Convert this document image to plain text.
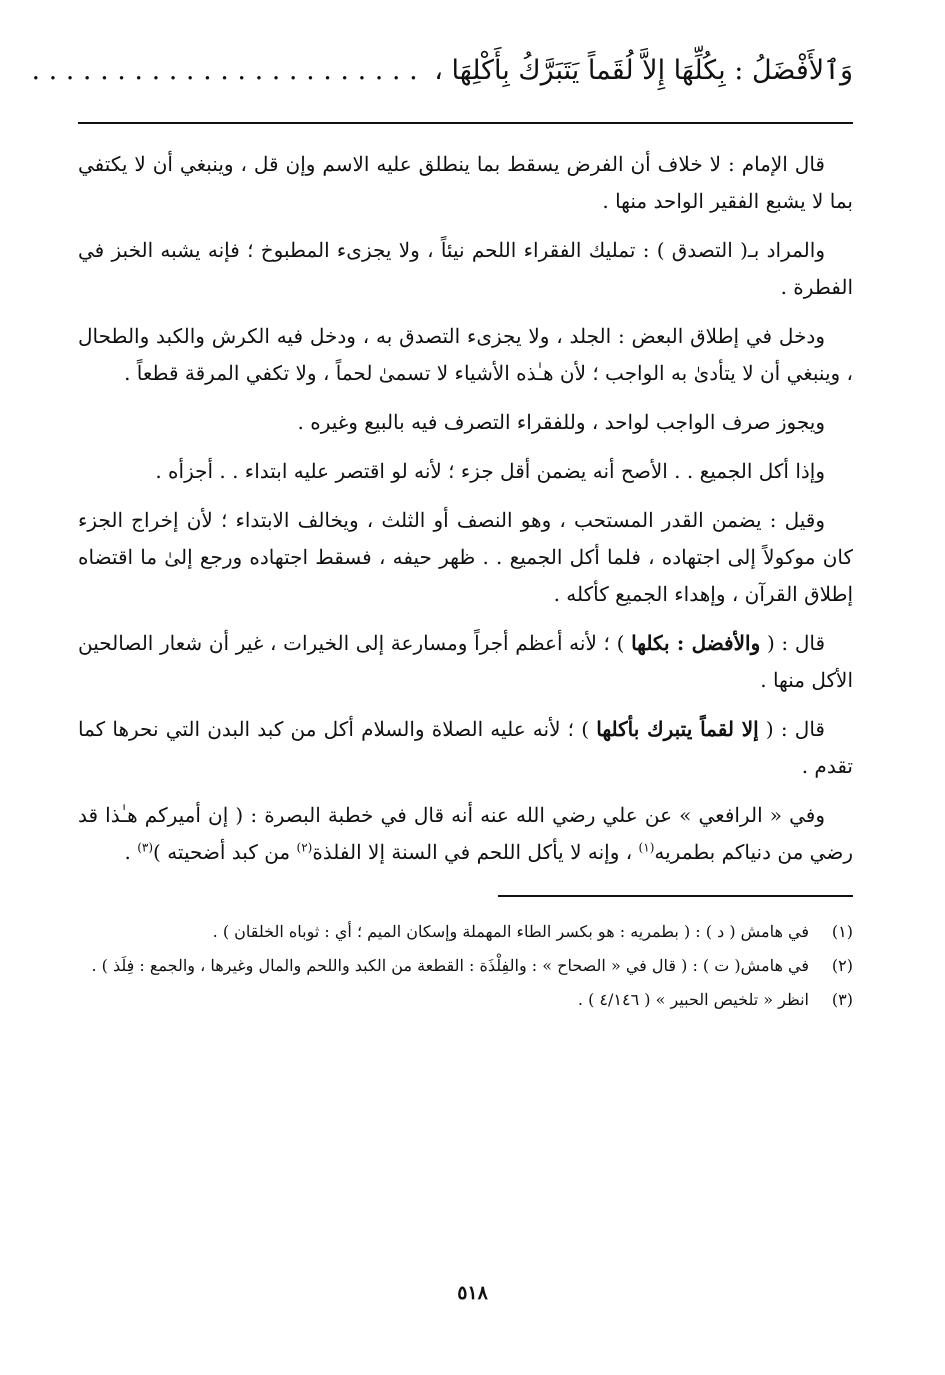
وَٱلأَفْضَلُ : بِكُلِّهَا إِلاَّ لُقَماً يَتَبَرَّكُ بِأَكْلِهَا ، . . . . . . . . . . . . . . . . . . . . . . .

قال الإمام : لا خلاف أن الفرض يسقط بما ينطلق عليه الاسم وإن قل ، وينبغي أن لا يكتفي بما لا يشبع الفقير الواحد منها .

والمراد بـ( التصدق ) : تمليك الفقراء اللحم نيئاً ، ولا يجزىء المطبوخ ؛ فإنه يشبه الخبز في الفطرة .

ودخل في إطلاق البعض : الجلد ، ولا يجزىء التصدق به ، ودخل فيه الكرش والكبد والطحال ، وينبغي أن لا يتأدىٰ به الواجب ؛ لأن هـٰذه الأشياء لا تسمىٰ لحماً ، ولا تكفي المرقة قطعاً .

ويجوز صرف الواجب لواحد ، وللفقراء التصرف فيه بالبيع وغيره .

وإذا أكل الجميع . . الأصح أنه يضمن أقل جزء ؛ لأنه لو اقتصر عليه ابتداء . . أجزأه .

وقيل : يضمن القدر المستحب ، وهو النصف أو الثلث ، ويخالف الابتداء ؛ لأن إخراج الجزء كان موكولاً إلى اجتهاده ، فلما أكل الجميع . . ظهر حيفه ، فسقط اجتهاده ورجع إلىٰ ما اقتضاه إطلاق القرآن ، وإهداء الجميع كأكله .

قال : ( والأفضل : بكلها ) ؛ لأنه أعظم أجراً ومسارعة إلى الخيرات ، غير أن شعار الصالحين الأكل منها .

قال : ( إلا لقماً يتبرك بأكلها ) ؛ لأنه عليه الصلاة والسلام أكل من كبد البدن التي نحرها كما تقدم .

وفي « الرافعي » عن علي رضي الله عنه أنه قال في خطبة البصرة : ( إن أميركم هـٰذا قد رضي من دنياكم بطمريه$^{(١)}$ ، وإنه لا يأكل اللحم في السنة إلا الفلذة$^{(٢)}$ من كبد أضحيته )$^{(٣)}$ .

(١)
في هامش ( د ) : ( بطمريه : هو بكسر الطاء المهملة وإسكان الميم ؛ أي : ثوباه الخلقان ) .
(٢)
في هامش( ت ) : ( قال في « الصحاح » : والفِلْذَة : القطعة من الكبد واللحم والمال وغيرها ، والجمع : فِلَذ ) .
(٣)
انظر « تلخيص الحبير » ( ٤/١٤٦ ) .
٥١٨
